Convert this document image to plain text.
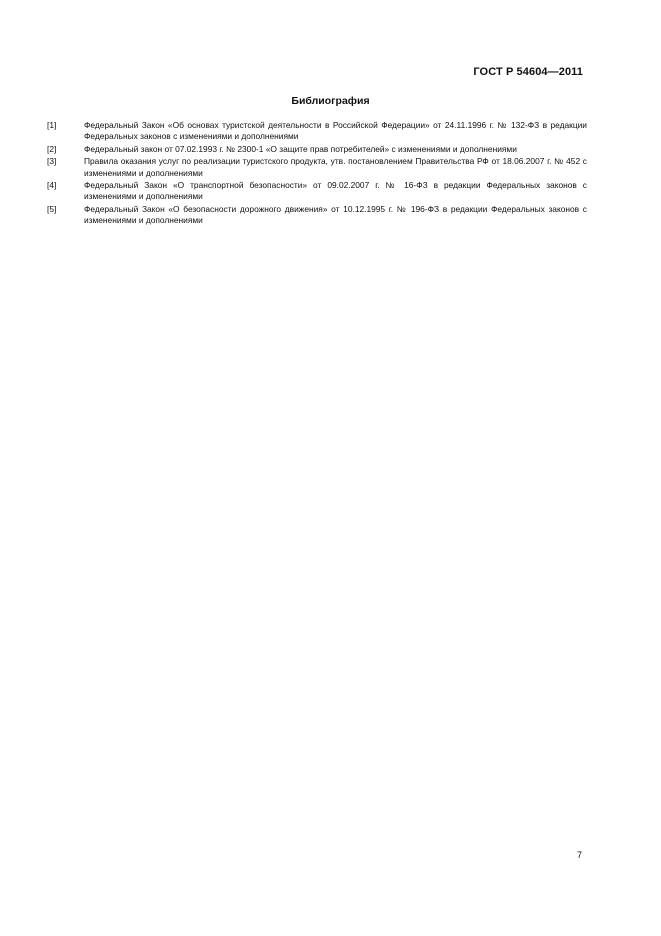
ГОСТ Р 54604—2011
Библиография
[1]	Федеральный Закон «Об основах туристской деятельности в Российской Федерации» от 24.11.1996 г. № 132-ФЗ в редакции Федеральных законов с изменениями и дополнениями
[2]	Федеральный закон от 07.02.1993 г. № 2300-1 «О защите прав потребителей» с изменениями и дополнениями
[3]	Правила оказания услуг по реализации туристского продукта, утв. постановлением Правительства РФ от 18.06.2007 г. № 452 с изменениями и дополнениями
[4]	Федеральный Закон «О транспортной безопасности» от 09.02.2007 г. № 16-ФЗ в редакции Федеральных законов с изменениями и дополнениями
[5]	Федеральный Закон «О безопасности дорожного движения» от 10.12.1995 г. № 196-ФЗ в редакции Федеральных законов с изменениями и дополнениями
7
